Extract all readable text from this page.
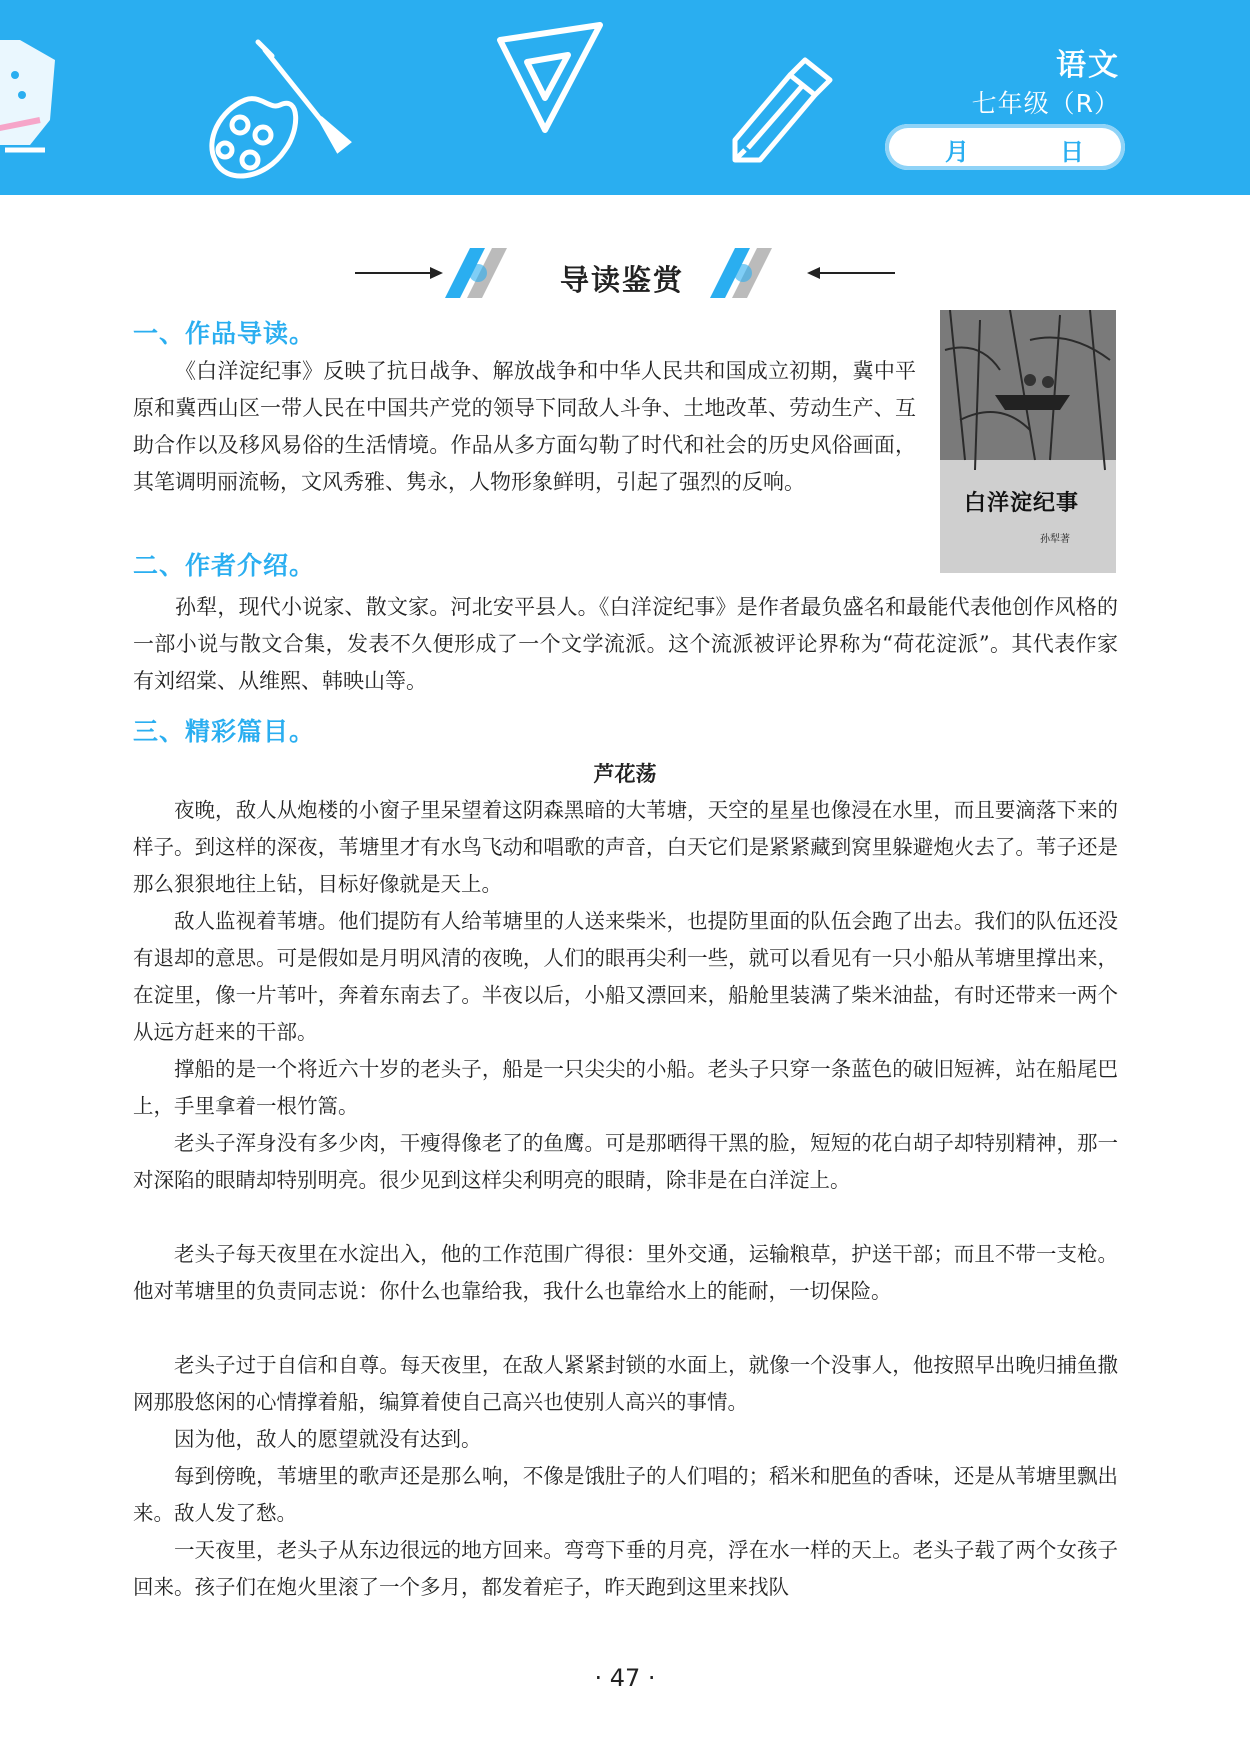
语文
七年级（R）
月	日
导读鉴赏
一、作品导读。

《白洋淀纪事》反映了抗日战争、解放战争和中华人民共和国成立初期，冀中平原和冀西山区一带人民在中国共产党的领导下同敌人斗争、土地改革、劳动生产、互助合作以及移风易俗的生活情境。作品从多方面勾勒了时代和社会的历史风俗画面，其笔调明丽流畅，文风秀雅、隽永，人物形象鲜明，引起了强烈的反响。

白洋淀纪事
孙犁著
二、作者介绍。

孙犁，现代小说家、散文家。河北安平县人。《白洋淀纪事》是作者最负盛名和最能代表他创作风格的一部小说与散文合集，发表不久便形成了一个文学流派。这个流派被评论界称为“荷花淀派”。其代表作家有刘绍棠、从维熙、韩映山等。

三、精彩篇目。
芦花荡

夜晚，敌人从炮楼的小窗子里呆望着这阴森黑暗的大苇塘，天空的星星也像浸在水里，而且要滴落下来的样子。到这样的深夜，苇塘里才有水鸟飞动和唱歌的声音，白天它们是紧紧藏到窝里躲避炮火去了。苇子还是那么狠狠地往上钻，目标好像就是天上。

敌人监视着苇塘。他们提防有人给苇塘里的人送来柴米，也提防里面的队伍会跑了出去。我们的队伍还没有退却的意思。可是假如是月明风清的夜晚，人们的眼再尖利一些，就可以看见有一只小船从苇塘里撑出来，在淀里，像一片苇叶，奔着东南去了。半夜以后，小船又漂回来，船舱里装满了柴米油盐，有时还带来一两个从远方赶来的干部。

撑船的是一个将近六十岁的老头子，船是一只尖尖的小船。老头子只穿一条蓝色的破旧短裤，站在船尾巴上，手里拿着一根竹篙。

老头子浑身没有多少肉，干瘦得像老了的鱼鹰。可是那晒得干黑的脸，短短的花白胡子却特别精神，那一对深陷的眼睛却特别明亮。很少见到这样尖利明亮的眼睛，除非是在白洋淀上。

老头子每天夜里在水淀出入，他的工作范围广得很：里外交通，运输粮草，护送干部；而且不带一支枪。他对苇塘里的负责同志说：你什么也靠给我，我什么也靠给水上的能耐，一切保险。

老头子过于自信和自尊。每天夜里，在敌人紧紧封锁的水面上，就像一个没事人，他按照早出晚归捕鱼撒网那股悠闲的心情撑着船，编算着使自己高兴也使别人高兴的事情。

因为他，敌人的愿望就没有达到。

每到傍晚，苇塘里的歌声还是那么响，不像是饿肚子的人们唱的；稻米和肥鱼的香味，还是从苇塘里飘出来。敌人发了愁。

一天夜里，老头子从东边很远的地方回来。弯弯下垂的月亮，浮在水一样的天上。老头子载了两个女孩子回来。孩子们在炮火里滚了一个多月，都发着疟子，昨天跑到这里来找队

· 47 ·
